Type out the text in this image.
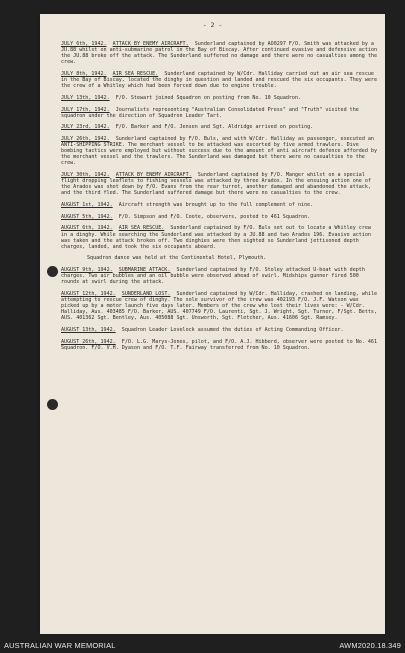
- 2 -
JULY 6th, 1942. ATTACK BY ENEMY AIRCRAFT. Sunderland captained by AO0297 F/O. Smith was attacked by a JU.88 whilst on anti-submarine patrol in the Bay of Biscay. After continued evasive and defensive action the JU.88 broke off the attack. The Sunderland suffered no damage and there were no casualties among the crew.
JULY 8th, 1942. AIR SEA RESCUE. Sunderland captained by W/Cdr. Halliday carried out an air sea rescue in the Bay of Biscay, located the dinghy in question and landed and rescued the six occupants. They were the crew of a Whitley which had been forced down due to engine trouble.
JULY 13th, 1942. F/O. Stewart joined Squadron on posting from No. 10 Squadron.
JULY 17th, 1942. Journalists representing "Australian Consolidated Press" and "Truth" visited the squadron under the direction of Squadron Leader Tart.
JULY 23rd, 1942. F/O. Barker and F/O. Jensen and Sgt. Aldridge arrived on posting.
JULY 26th, 1942. Sunderland captained by F/O. Buls, and with W/Cdr. Halliday as passenger, executed an ANTI-SHIPPING STRIKE. The merchant vessel to be attacked was escorted by five armed trawlers. Dive bombing tactics were employed but without success due to the amount of anti aircraft defence afforded by the merchant vessel and the trawlers. The Sunderland was damaged but there were no casualties to the crew.
JULY 30th, 1942. ATTACK BY ENEMY AIRCRAFT. Sunderland captained by F/O. Manger whilst on a special flight dropping leaflets to fishing vessels was attacked by three Arados. In the ensuing action one of the Arados was shot down by F/O. Evans from the rear turret, another damaged and abandoned the attack, and the third fled. The Sunderland suffered damage but there were no casualties to the crew.
AUGUST 1st, 1942. Aircraft strength was brought up to the full complement of nine.
AUGUST 5th, 1942. F/O. Simpson and F/O. Coote, observers, posted to 461 Squadron.
AUGUST 6th, 1942. AIR SEA RESCUE. Sunderland captained by F/O. Buls set out to locate a Whitley crew in a dinghy. While searching the Sunderland was attacked by a JU.88 and two Arados 196. Evasive action was taken and the attack broken off. Two dinghies were then sighted so Sunderland jettisoned depth charges, landed, and took the six occupants aboard.
Squadron dance was held at the Continental Hotel, Plymouth.
AUGUST 9th, 1942. SUBMARINE ATTACK. Sunderland captained by F/O. Stoley attacked U-boat with depth charges. Two air bubbles and an oil bubble were observed ahead of swirl. Midships gunner fired 500 rounds at swirl during the attack.
AUGUST 12th, 1942. SUNDERLAND LOST. Sunderland captained by W/Cdr. Halliday, crashed on landing, while attempting to rescue crew of dinghy. The sole survivor of the crew was 402193 F/O. J.F. Watson was picked up by a motor launch five days later. Members of the crew who lost their lives were: - W/Cdr. Halliday, Aus. 403485 F/O. Barker, AUS. 407749 F/O. Laurenti, Sgt. J. Wright, Sgt. Turner, F/Sgt. Betts, AUS. 401362 Sgt. Bentley, Aus. 405088 Sgt. Unsworth, Sgt. Fletcher, Aus. 41606 Sgt. Ramsey.
AUGUST 13th, 1942. Squadron Leader Lovelock assumed the duties of Acting Commanding Officer.
AUGUST 26th, 1942. F/O. L.G. Marys-Jones, pilot, and F/O. A.J. Hibberd, observer were posted to No. 461 Squadron. F/O. V.H. Dyason and F/O. T.F. Fairway transferred from No. 10 Squadron.
AUSTRALIAN WAR MEMORIAL	AWM2020.18.349
